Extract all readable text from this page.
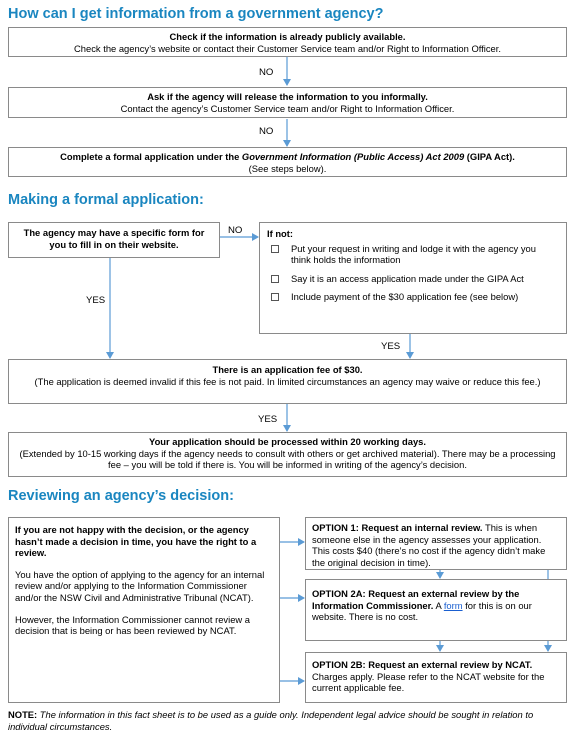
How can I get information from a government agency?

Check if the information is already publicly available.

Check the agency’s website or contact their Customer Service team and/or Right to Information Officer.

NO

Ask if the agency will release the information to you informally.

Contact the agency’s Customer Service team and/or Right to Information Officer.

NO

Complete a formal application under the Government Information (Public Access) Act 2009 (GIPA Act).

(See steps below).

Making a formal application:
The agency may have a specific form for you to fill in on their website.
NO
YES

If not:

Put your request in writing and lodge it with the agency you think holds the information
Say it is an access application made under the GIPA Act
Include payment of the $30 application fee (see below)
YES

There is an application fee of $30.

(The application is deemed invalid if this fee is not paid. In limited circumstances an agency may waive or reduce this fee.)

YES

Your application should be processed within 20 working days.

(Extended by 10-15 working days if the agency needs to consult with others or get archived material). There may be a processing fee – you will be told if there is. You will be informed in writing of the agency’s decision.

Reviewing an agency’s decision:

If you are not happy with the decision, or the agency hasn’t made a decision in time, you have the right to a review.

You have the option of applying to the agency for an internal review and/or applying to the Information Commissioner and/or the NSW Civil and Administrative Tribunal (NCAT).

However, the Information Commissioner cannot review a decision that is being or has been reviewed by NCAT.

OPTION 1: Request an internal review. This is when someone else in the agency assesses your application. This costs $40 (there’s no cost if the agency didn’t make the original decision in time).

OPTION 2A: Request an external review by the Information Commissioner. A form for this is on our website. There is no cost.

OPTION 2B: Request an external review by NCAT. Charges apply. Please refer to the NCAT website for the current applicable fee.

NOTE: The information in this fact sheet is to be used as a guide only. Independent legal advice should be sought in relation to individual circumstances.
